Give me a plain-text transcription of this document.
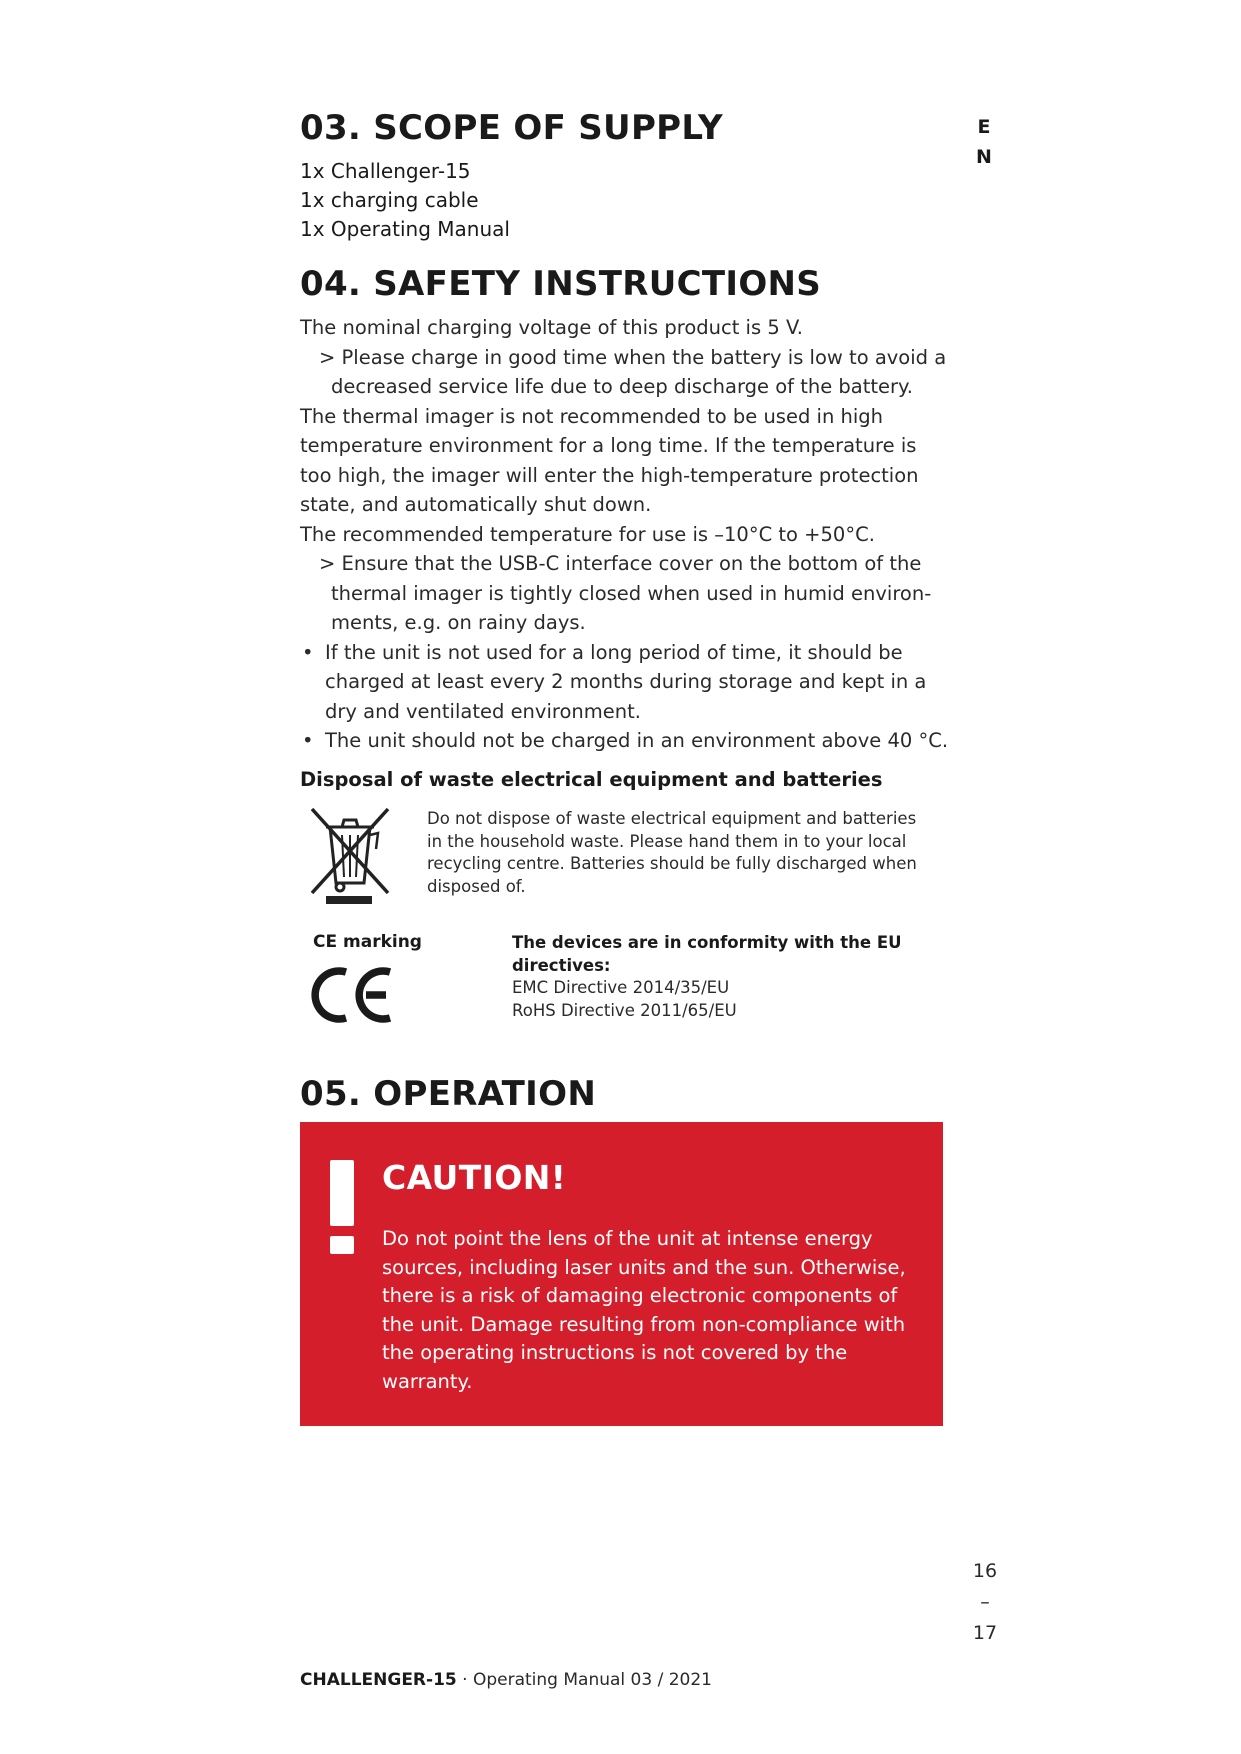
E
N
03. SCOPE OF SUPPLY
1x Challenger-15
1x charging cable
1x Operating Manual
04. SAFETY INSTRUCTIONS

The nominal charging voltage of this product is 5 V.

> Please charge in good time when the battery is low to avoid a
decreased service life due to deep discharge of the battery.

The thermal imager is not recommended to be used in high temperature environment for a long time. If the temperature is too high, the imager will enter the high-temperature protection state, and automatically shut down.

The recommended temperature for use is –10°C to +50°C.

> Ensure that the USB-C interface cover on the bottom of the
thermal imager is tightly closed when used in humid environ-ments, e.g. on rainy days.

• If the unit is not used for a long period of time, it should be
charged at least every 2 months during storage and kept in a dry and ventilated environment.

• The unit should not be charged in an environment above 40 °C.

Disposal of waste electrical equipment and batteries

Do not dispose of waste electrical equipment and batteries in the household waste. Please hand them in to your local recycling centre. Batteries should be fully discharged when disposed of.

CE marking	The devices are in conformity with the EU directives:
EMC Directive 2014/35/EU
RoHS Directive 2011/65/EU
05. OPERATION
CAUTION!

Do not point the lens of the unit at intense energy sources, including laser units and the sun. Otherwise, there is a risk of damaging electronic components of the unit. Damage resulting from non-compliance with the operating instructions is not covered by the warranty.

16
–
17
CHALLENGER-15 · Operating Manual 03 / 2021
